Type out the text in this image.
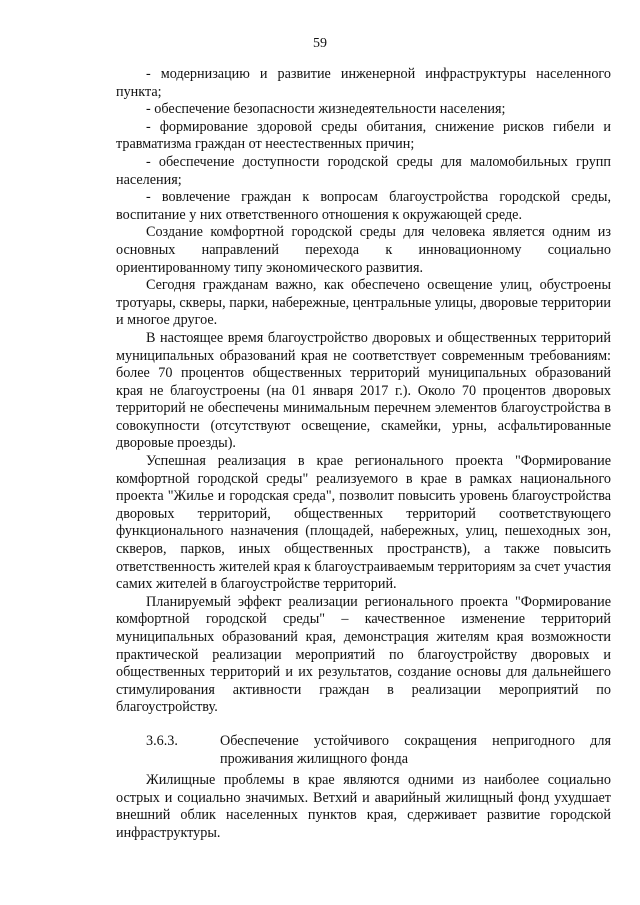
59

- модернизацию и развитие инженерной инфраструктуры населенного пункта;

- обеспечение безопасности жизнедеятельности населения;

- формирование здоровой среды обитания, снижение рисков гибели и травматизма граждан от неестественных причин;

- обеспечение доступности городской среды для маломобильных групп населения;

- вовлечение граждан к вопросам благоустройства городской среды, воспитание у них ответственного отношения к окружающей среде.

Создание комфортной городской среды для человека является одним из основных направлений перехода к инновационному социально ориентированному типу экономического развития.

Сегодня гражданам важно, как обеспечено освещение улиц, обустроены тротуары, скверы, парки, набережные, центральные улицы, дворовые территории и многое другое.

В настоящее время благоустройство дворовых и общественных территорий муниципальных образований края не соответствует современным требованиям: более 70 процентов общественных территорий муниципальных образований края не благоустроены (на 01 января 2017 г.). Около 70 процентов дворовых территорий не обеспечены минимальным перечнем элементов благоустройства в совокупности (отсутствуют освещение, скамейки, урны, асфальтированные дворовые проезды).

Успешная реализация в крае регионального проекта "Формирование комфортной городской среды" реализуемого в крае в рамках национального проекта "Жилье и городская среда", позволит повысить уровень благоустройства дворовых территорий, общественных территорий соответствующего функционального назначения (площадей, набережных, улиц, пешеходных зон, скверов, парков, иных общественных пространств), а также повысить ответственность жителей края к благоустраиваемым территориям за счет участия самих жителей в благоустройстве территорий.

Планируемый эффект реализации регионального проекта "Формирование комфортной городской среды" – качественное изменение территорий муниципальных образований края, демонстрация жителям края возможности практической реализации мероприятий по благоустройству дворовых и общественных территорий и их результатов, создание основы для дальнейшего стимулирования активности граждан в реализации мероприятий по благоустройству.

3.6.3.	Обеспечение устойчивого сокращения непригодного для проживания жилищного фонда

Жилищные проблемы в крае являются одними из наиболее социально острых и социально значимых. Ветхий и аварийный жилищный фонд ухудшает внешний облик населенных пунктов края, сдерживает развитие городской инфраструктуры.
